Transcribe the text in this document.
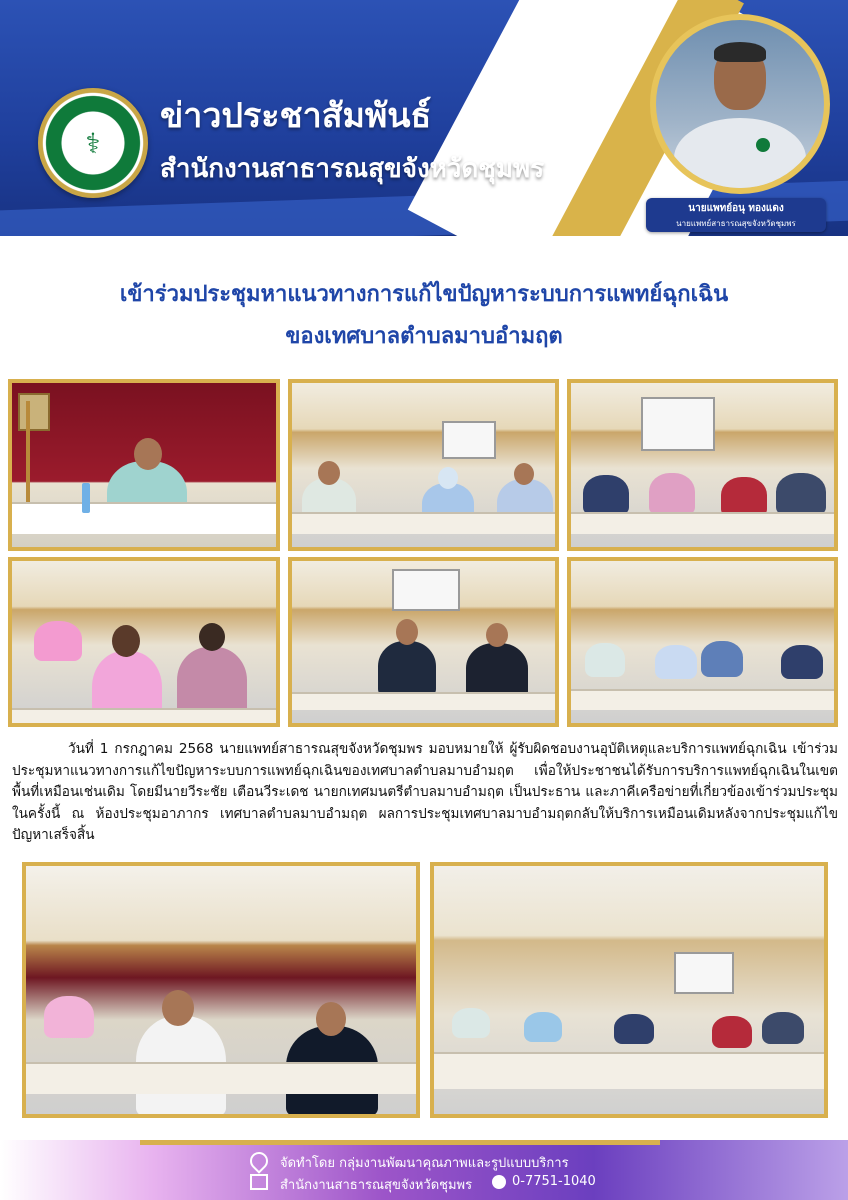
⚕
ข่าวประชาสัมพันธ์
สำนักงานสาธารณสุขจังหวัดชุมพร
นายแพทย์อนุ ทองแดง
นายแพทย์สาธารณสุขจังหวัดชุมพร
เข้าร่วมประชุมหาแนวทางการแก้ไขปัญหาระบบการแพทย์ฉุกเฉิน
ของเทศบาลตำบลมาบอำมฤต
วันที่ 1 กรกฎาคม 2568 นายแพทย์สาธารณสุขจังหวัดชุมพร มอบหมายให้ ผู้รับผิดชอบงานอุบัติเหตุและบริการแพทย์ฉุกเฉิน เข้าร่วมประชุมหาแนวทางการแก้ไขปัญหาระบบการแพทย์ฉุกเฉินของเทศบาลตำบลมาบอำมฤต เพื่อให้ประชาชนได้รับการบริการแพทย์ฉุกเฉินในเขตพื้นที่เหมือนเช่นเดิม โดยมีนายวีระชัย เตือนวีระเดช นายกเทศมนตรีตำบลมาบอำมฤต เป็นประธาน และภาคีเครือข่ายที่เกี่ยวข้องเข้าร่วมประชุมในครั้งนี้ ณ ห้องประชุมอาภากร เทศบาลตำบลมาบอำมฤต ผลการประชุมเทศบาลมาบอำมฤตกลับให้บริการเหมือนเดิมหลังจากประชุมแก้ไขปัญหาเสร็จสิ้น
จัดทำโดย กลุ่มงานพัฒนาคุณภาพและรูปแบบบริการ
สำนักงานสาธารณสุขจังหวัดชุมพร	0-7751-1040
